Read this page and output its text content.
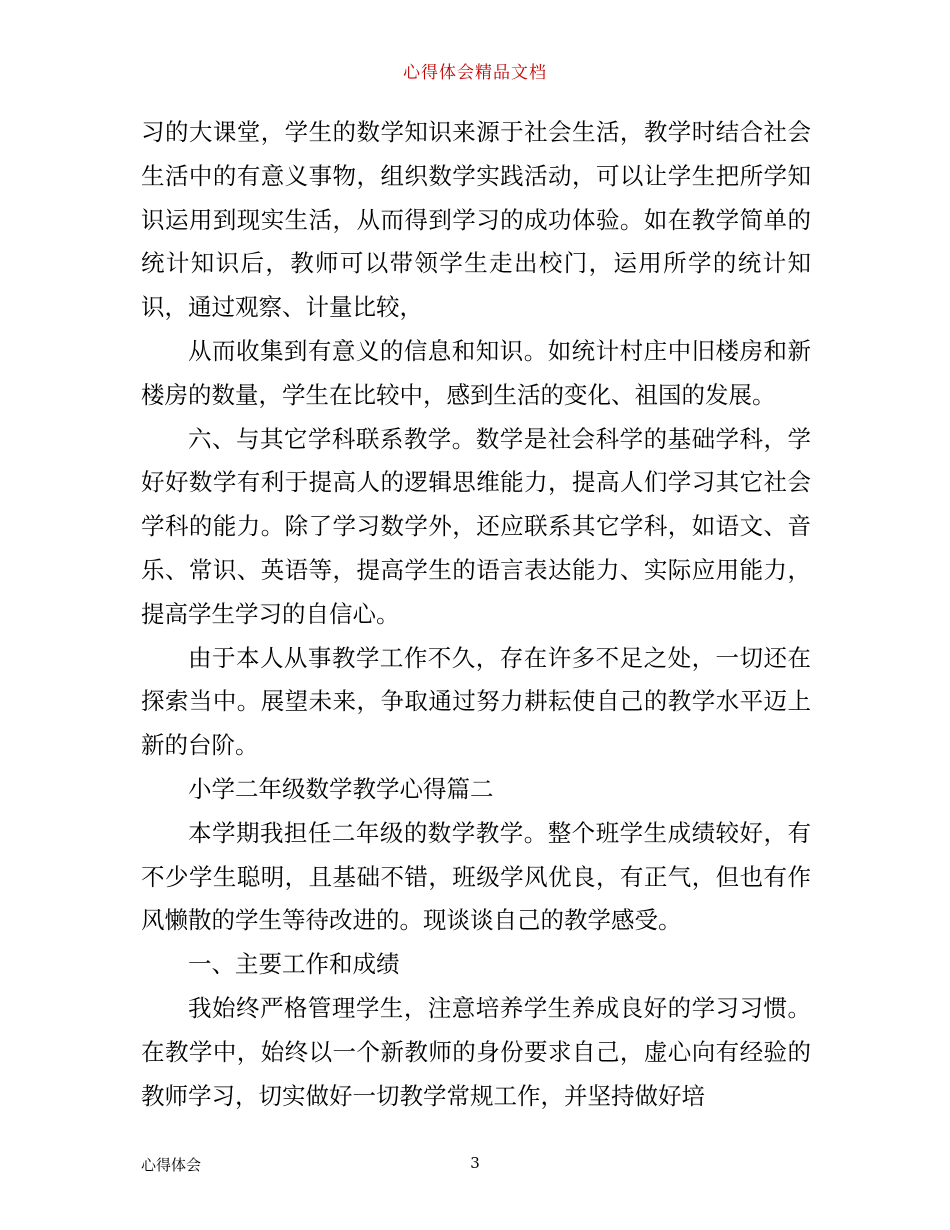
心得体会精品文档

习的大课堂，学生的数学知识来源于社会生活，教学时结合社会生活中的有意义事物，组织数学实践活动，可以让学生把所学知识运用到现实生活，从而得到学习的成功体验。如在教学简单的统计知识后，教师可以带领学生走出校门，运用所学的统计知识，通过观察、计量比较，

从而收集到有意义的信息和知识。如统计村庄中旧楼房和新楼房的数量，学生在比较中，感到生活的变化、祖国的发展。

六、与其它学科联系教学。数学是社会科学的基础学科，学好好数学有利于提高人的逻辑思维能力，提高人们学习其它社会学科的能力。除了学习数学外，还应联系其它学科，如语文、音乐、常识、英语等，提高学生的语言表达能力、实际应用能力，提高学生学习的自信心。

由于本人从事教学工作不久，存在许多不足之处，一切还在探索当中。展望未来，争取通过努力耕耘使自己的教学水平迈上新的台阶。

小学二年级数学教学心得篇二

本学期我担任二年级的数学教学。整个班学生成绩较好，有不少学生聪明，且基础不错，班级学风优良，有正气，但也有作风懒散的学生等待改进的。现谈谈自己的教学感受。

一、主要工作和成绩

我始终严格管理学生，注意培养学生养成良好的学习习惯。在教学中，始终以一个新教师的身份要求自己，虚心向有经验的教师学习，切实做好一切教学常规工作，并坚持做好培

心得体会	3
